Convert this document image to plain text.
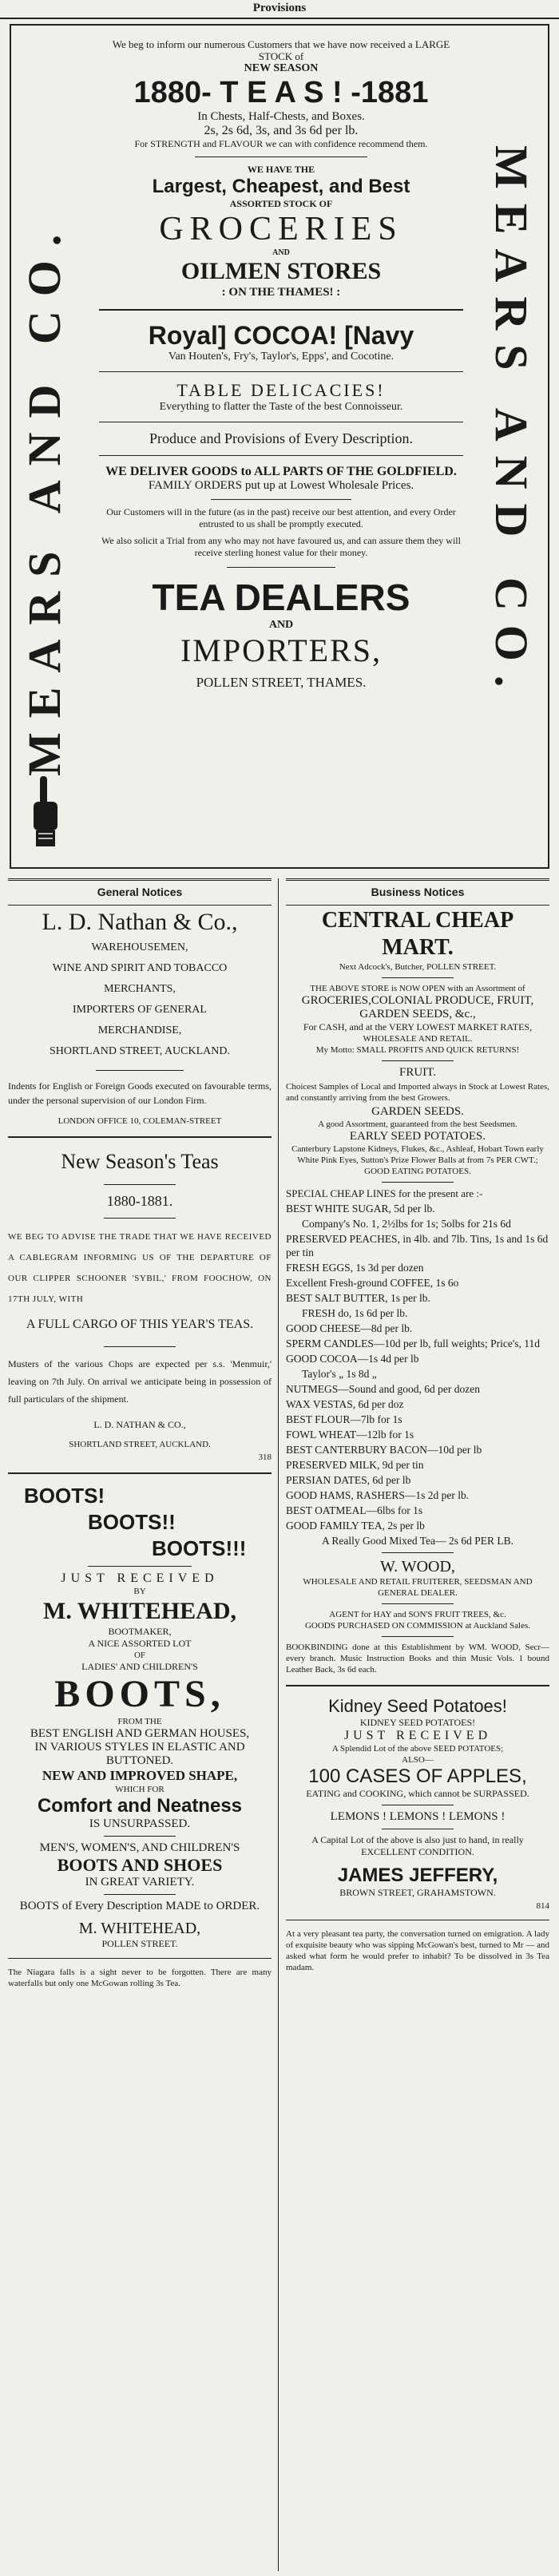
Provisions
MEARS AND CO.	MEARS AND CO.

We beg to inform our numerous Customers that we have now received a LARGE STOCK of

NEW SEASON

1880- T E A S ! -1881

In Chests, Half-Chests, and Boxes.

2s, 2s 6d, 3s, and 3s 6d per lb.

For STRENGTH and FLAVOUR we can with confidence recommend them.

WE HAVE THE

Largest, Cheapest, and Best

ASSORTED STOCK OF

GROCERIES

AND

OILMEN STORES

: ON THE THAMES! :

Royal] COCOA! [Navy

Van Houten's, Fry's, Taylor's, Epps', and Cocotine.

TABLE DELICACIES!

Everything to flatter the Taste of the best Connoisseur.

Produce and Provisions of Every Description.

WE DELIVER GOODS to ALL PARTS OF THE GOLDFIELD.

FAMILY ORDERS put up at Lowest Wholesale Prices.

Our Customers will in the future (as in the past) receive our best attention, and every Order entrusted to us shall be promptly executed.

We also solicit a Trial from any who may not have favoured us, and can assure them they will receive sterling honest value for their money.

TEA DEALERS

AND

IMPORTERS,

POLLEN STREET, THAMES.

General Notices	Business Notices

L. D. Nathan & Co.,

WAREHOUSEMEN,

WINE AND SPIRIT AND TOBACCO

MERCHANTS,

IMPORTERS OF GENERAL

MERCHANDISE,

SHORTLAND STREET, AUCKLAND.

Indents for English or Foreign Goods executed on favourable terms, under the personal supervision of our London Firm.

LONDON OFFICE 10, COLEMAN-STREET

New Season's Teas

1880-1881.

WE BEG TO ADVISE THE TRADE THAT WE HAVE RECEIVED A CABLEGRAM INFORMING US OF THE DEPARTURE OF OUR CLIPPER SCHOONER 'SYBIL,' FROM FOOCHOW, ON 17TH JULY, WITH

A FULL CARGO OF THIS YEAR'S TEAS.

Musters of the various Chops are expected per s.s. 'Menmuir,' leaving on 7th July. On arrival we anticipate being in possession of full particulars of the shipment.

L. D. NATHAN & CO.,

SHORTLAND STREET, AUCKLAND.

318

BOOTS!

BOOTS!!

BOOTS!!!

JUST RECEIVED

BY

M. WHITEHEAD,

BOOTMAKER,

A NICE ASSORTED LOT

OF

LADIES' AND CHILDREN'S

BOOTS,

FROM THE

BEST ENGLISH AND GERMAN HOUSES,

IN VARIOUS STYLES IN ELASTIC AND BUTTONED.

NEW AND IMPROVED SHAPE,

WHICH FOR

Comfort and Neatness

IS UNSURPASSED.

MEN'S, WOMEN'S, AND CHILDREN'S

BOOTS AND SHOES

IN GREAT VARIETY.

BOOTS of Every Description MADE to ORDER.

M. WHITEHEAD,

POLLEN STREET.

The Niagara falls is a sight never to be forgotten. There are many waterfalls but only one McGowan rolling 3s Tea.

CENTRAL CHEAP MART.

Next Adcock's, Butcher, POLLEN STREET.

THE ABOVE STORE is NOW OPEN with an Assortment of

GROCERIES,COLONIAL PRODUCE, FRUIT, GARDEN SEEDS, &c.,

For CASH, and at the VERY LOWEST MARKET RATES,

WHOLESALE AND RETAIL.

My Motto: SMALL PROFITS AND QUICK RETURNS!

FRUIT.

Choicest Samples of Local and Imported always in Stock at Lowest Rates, and constantly arriving from the best Growers.

GARDEN SEEDS.

A good Assortment, guaranteed from the best Seedsmen.

EARLY SEED POTATOES.

Canterbury Lapstone Kidneys, Flukes, &c., Ashleaf, Hobart Town early White Pink Eyes, Sutton's Prize Flower Balls at from 7s PER CWT.;

GOOD EATING POTATOES.

SPECIAL CHEAP LINES for the present are :-

BEST WHITE SUGAR, 5d per lb.

Company's No. 1, 2½lbs for 1s; 5olbs for 21s 6d

PRESERVED PEACHES, in 4lb. and 7lb. Tins, 1s and 1s 6d per tin

FRESH EGGS, 1s 3d per dozen

Excellent Fresh-ground COFFEE, 1s 6o

BEST SALT BUTTER, 1s per lb.

FRESH do, 1s 6d per lb.

GOOD CHEESE—8d per lb.

SPERM CANDLES—10d per lb, full weights; Price's, 11d

GOOD COCOA—1s 4d per lb

Taylor's „ 1s 8d „

NUTMEGS—Sound and good, 6d per dozen

WAX VESTAS, 6d per doz

BEST FLOUR—7lb for 1s

FOWL WHEAT—12lb for 1s

BEST CANTERBURY BACON—10d per lb

PRESERVED MILK, 9d per tin

PERSIAN DATES, 6d per lb

GOOD HAMS, RASHERS—1s 2d per lb.

BEST OATMEAL—6lbs for 1s

GOOD FAMILY TEA, 2s per lb

A Really Good Mixed Tea— 2s 6d PER LB.

W. WOOD,

WHOLESALE AND RETAIL FRUITERER, SEEDSMAN AND GENERAL DEALER.

AGENT for HAY and SON'S FRUIT TREES, &c.

GOODS PURCHASED ON COMMISSION at Auckland Sales.

BOOKBINDING done at this Establishment by WM. WOOD, Secr—every branch. Music Instruction Books and thin Music Vols. 1 bound Leather Back, 3s 6d each.

Kidney Seed Potatoes!

KIDNEY SEED POTATOES!

JUST RECEIVED

A Splendid Lot of the above SEED POTATOES;

ALSO—

100 CASES OF APPLES,

EATING and COOKING, which cannot be SURPASSED.

LEMONS ! LEMONS ! LEMONS !

A Capital Lot of the above is also just to hand, in really EXCELLENT CONDITION.

JAMES JEFFERY,

BROWN STREET, GRAHAMSTOWN.

814

At a very pleasant tea party, the conversation turned on emigration. A lady of exquisite beauty who was sipping McGowan's best, turned to Mr — and asked what form he would prefer to inhabit? To be dissolved in 3s Tea madam.
